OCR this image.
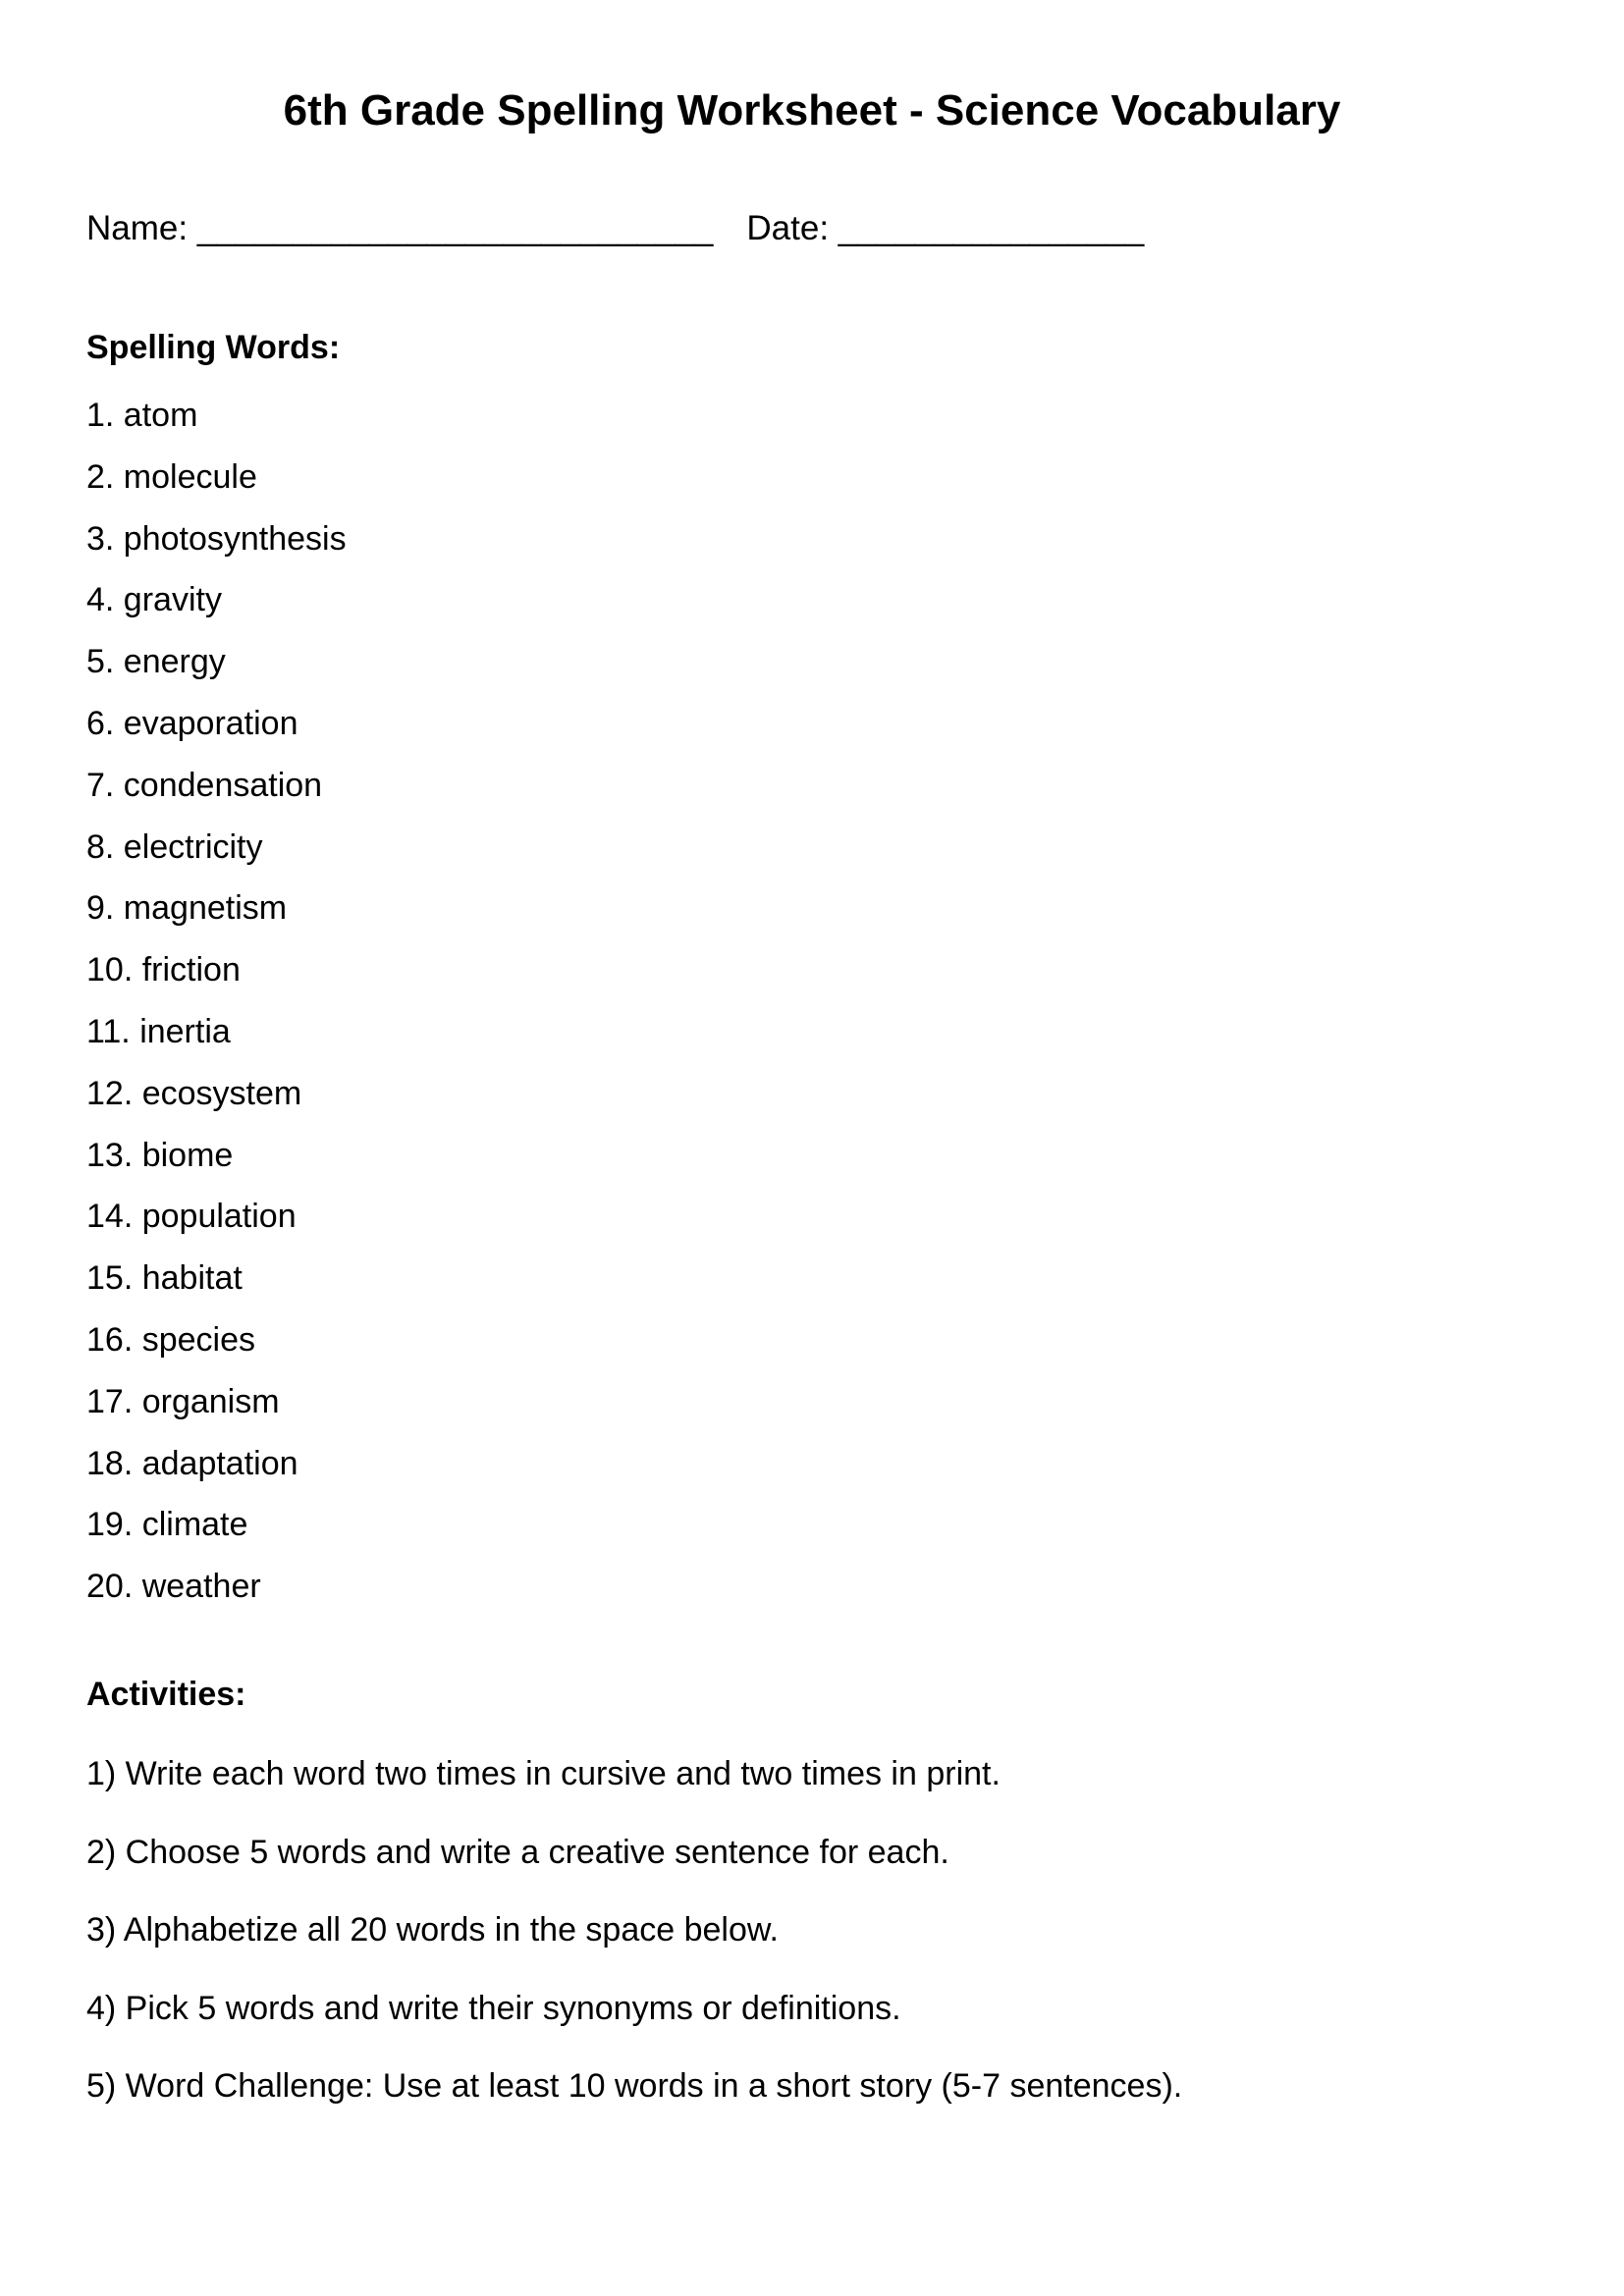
6th Grade Spelling Worksheet - Science Vocabulary
Name: ___________________________ Date: ________________
Spelling Words:
1. atom
2. molecule
3. photosynthesis
4. gravity
5. energy
6. evaporation
7. condensation
8. electricity
9. magnetism
10. friction
11. inertia
12. ecosystem
13. biome
14. population
15. habitat
16. species
17. organism
18. adaptation
19. climate
20. weather
Activities:
1) Write each word two times in cursive and two times in print.
2) Choose 5 words and write a creative sentence for each.
3) Alphabetize all 20 words in the space below.
4) Pick 5 words and write their synonyms or definitions.
5) Word Challenge: Use at least 10 words in a short story (5-7 sentences).
